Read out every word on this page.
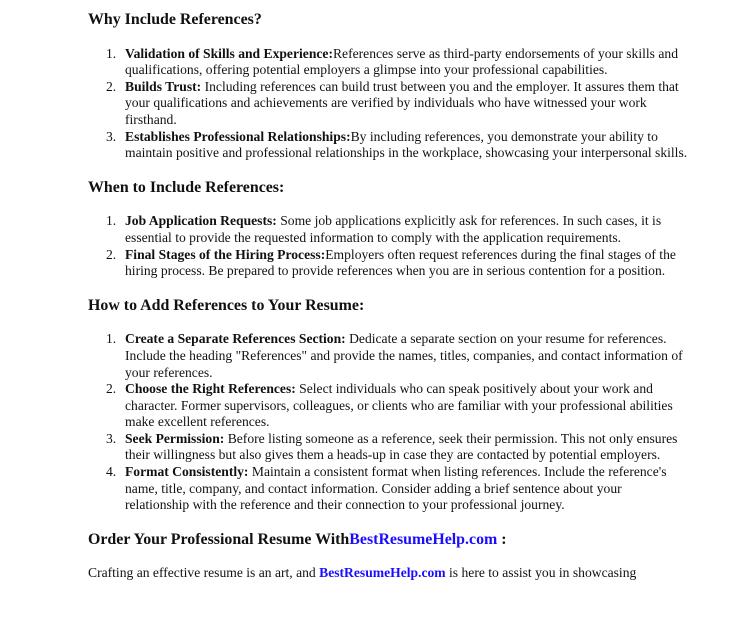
Why Include References?
1. Validation of Skills and Experience:References serve as third-party endorsements of your skills and qualifications, offering potential employers a glimpse into your professional capabilities.
2. Builds Trust: Including references can build trust between you and the employer. It assures them that your qualifications and achievements are verified by individuals who have witnessed your work firsthand.
3. Establishes Professional Relationships:By including references, you demonstrate your ability to maintain positive and professional relationships in the workplace, showcasing your interpersonal skills.
When to Include References:
1. Job Application Requests: Some job applications explicitly ask for references. In such cases, it is essential to provide the requested information to comply with the application requirements.
2. Final Stages of the Hiring Process:Employers often request references during the final stages of the hiring process. Be prepared to provide references when you are in serious contention for a position.
How to Add References to Your Resume:
1. Create a Separate References Section: Dedicate a separate section on your resume for references. Include the heading "References" and provide the names, titles, companies, and contact information of your references.
2. Choose the Right References: Select individuals who can speak positively about your work and character. Former supervisors, colleagues, or clients who are familiar with your professional abilities make excellent references.
3. Seek Permission: Before listing someone as a reference, seek their permission. This not only ensures their willingness but also gives them a heads-up in case they are contacted by potential employers.
4. Format Consistently: Maintain a consistent format when listing references. Include the reference's name, title, company, and contact information. Consider adding a brief sentence about your relationship with the reference and their connection to your professional journey.
Order Your Professional Resume WithBestResumeHelp.com :

Crafting an effective resume is an art, and BestResumeHelp.com is here to assist you in showcasing
